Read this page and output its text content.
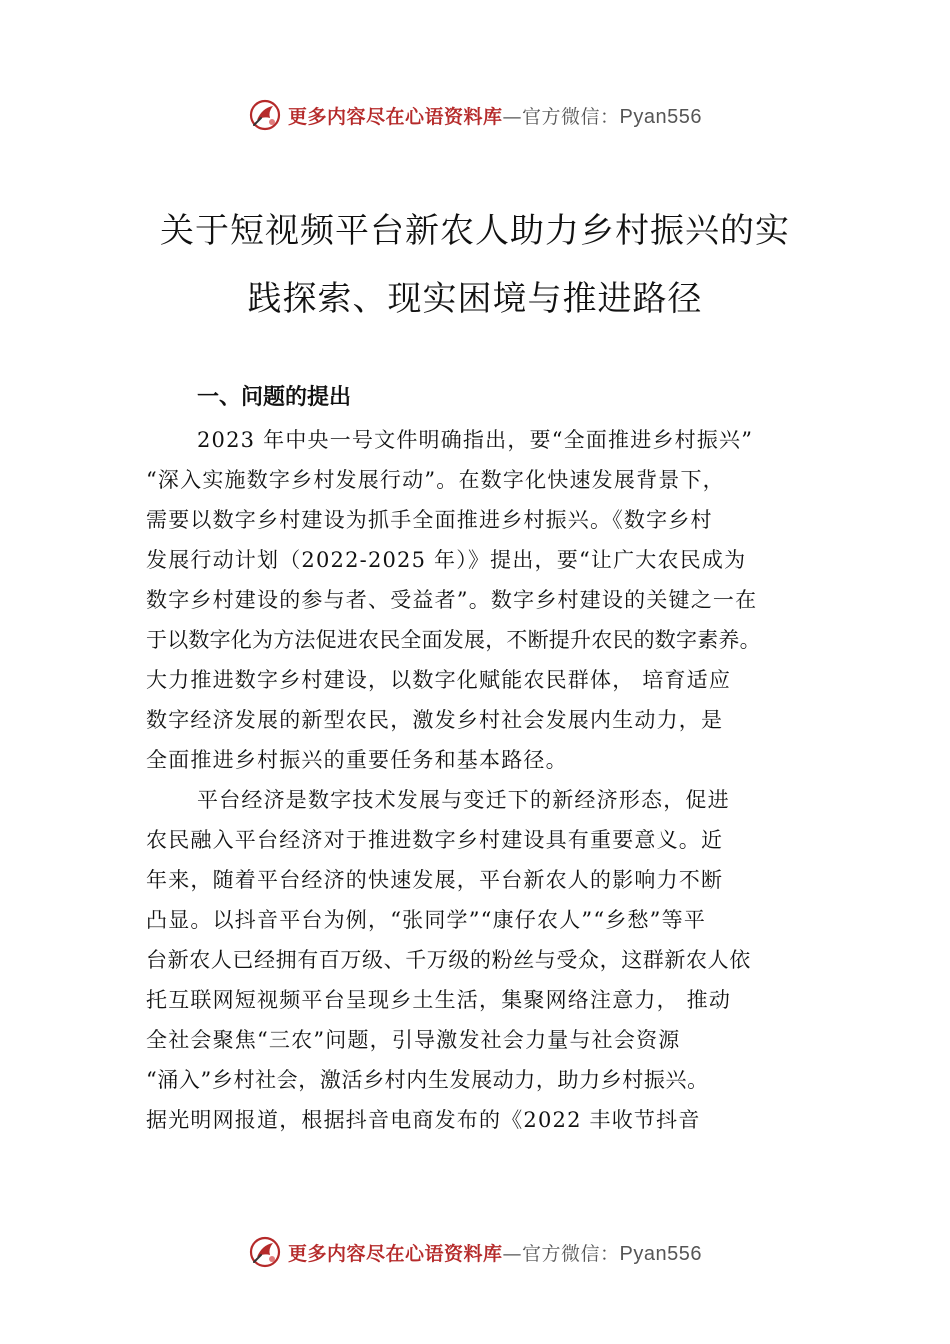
更多内容尽在心语资料库—官方微信：Pyan556
关于短视频平台新农人助力乡村振兴的实
践探索、现实困境与推进路径
一、问题的提出
2023 年中央一号文件明确指出，要“全面推进乡村振兴”
“深入实施数字乡村发展行动”。在数字化快速发展背景下，
需要以数字乡村建设为抓手全面推进乡村振兴。《数字乡村
发展行动计划（2022-2025 年）》提出，要“让广大农民成为
数字乡村建设的参与者、受益者”。数字乡村建设的关键之一在
于以数字化为方法促进农民全面发展，不断提升农民的数字素养。
大力推进数字乡村建设，以数字化赋能农民群体， 培育适应
数字经济发展的新型农民，激发乡村社会发展内生动力，是
全面推进乡村振兴的重要任务和基本路径。
平台经济是数字技术发展与变迁下的新经济形态，促进
农民融入平台经济对于推进数字乡村建设具有重要意义。近
年来，随着平台经济的快速发展，平台新农人的影响力不断
凸显。以抖音平台为例，“张同学”“康仔农人”“乡愁”等平
台新农人已经拥有百万级、千万级的粉丝与受众，这群新农人依
托互联网短视频平台呈现乡土生活，集聚网络注意力， 推动
全社会聚焦“三农”问题，引导激发社会力量与社会资源
“涌入”乡村社会，激活乡村内生发展动力，助力乡村振兴。
据光明网报道，根据抖音电商发布的《2022 丰收节抖音
更多内容尽在心语资料库—官方微信：Pyan556
